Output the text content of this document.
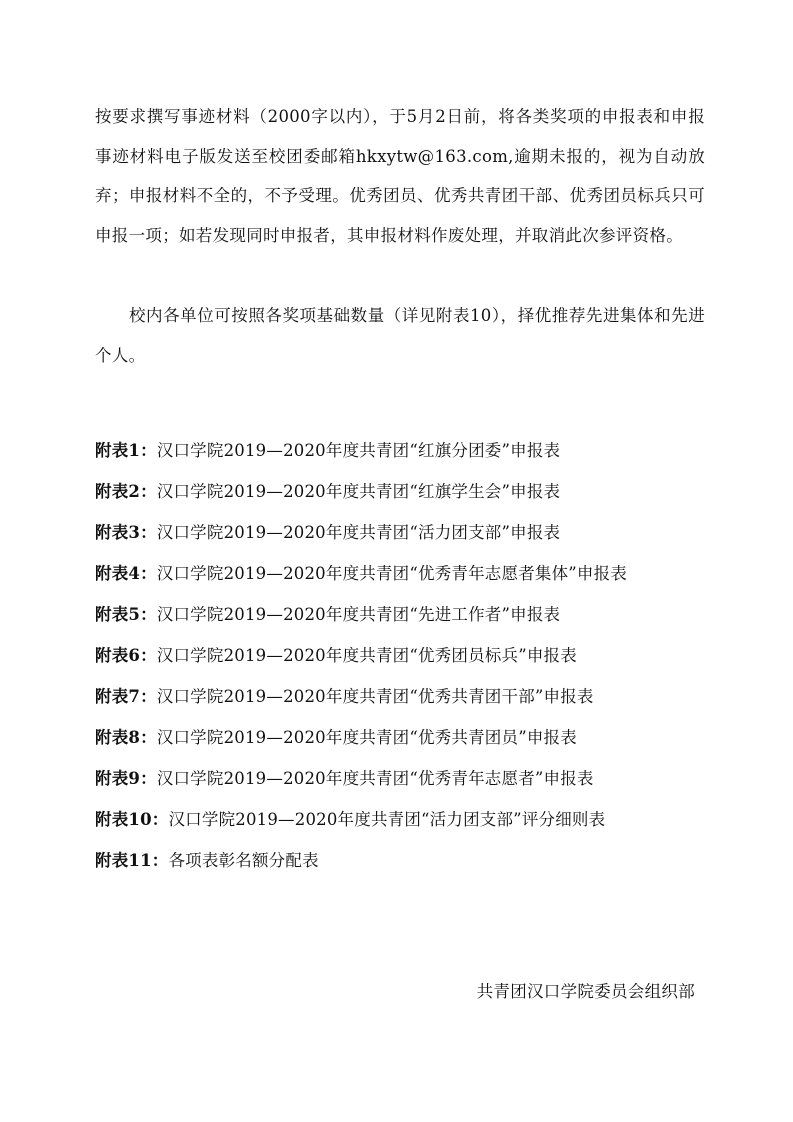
按要求撰写事迹材料（2000字以内），于5月2日前，将各类奖项的申报表和申报事迹材料电子版发送至校团委邮箱hkxytw@163.com,逾期未报的，视为自动放弃；申报材料不全的，不予受理。优秀团员、优秀共青团干部、优秀团员标兵只可申报一项；如若发现同时申报者，其申报材料作废处理，并取消此次参评资格。

校内各单位可按照各奖项基础数量（详见附表10），择优推荐先进集体和先进个人。

附表1：汉口学院2019—2020年度共青团“红旗分团委”申报表
附表2：汉口学院2019—2020年度共青团“红旗学生会”申报表
附表3：汉口学院2019—2020年度共青团“活力团支部”申报表
附表4：汉口学院2019—2020年度共青团“优秀青年志愿者集体”申报表
附表5：汉口学院2019—2020年度共青团“先进工作者”申报表
附表6：汉口学院2019—2020年度共青团“优秀团员标兵”申报表
附表7：汉口学院2019—2020年度共青团“优秀共青团干部”申报表
附表8：汉口学院2019—2020年度共青团“优秀共青团员”申报表
附表9：汉口学院2019—2020年度共青团“优秀青年志愿者”申报表
附表10：汉口学院2019—2020年度共青团“活力团支部”评分细则表
附表11：各项表彰名额分配表
共青团汉口学院委员会组织部
